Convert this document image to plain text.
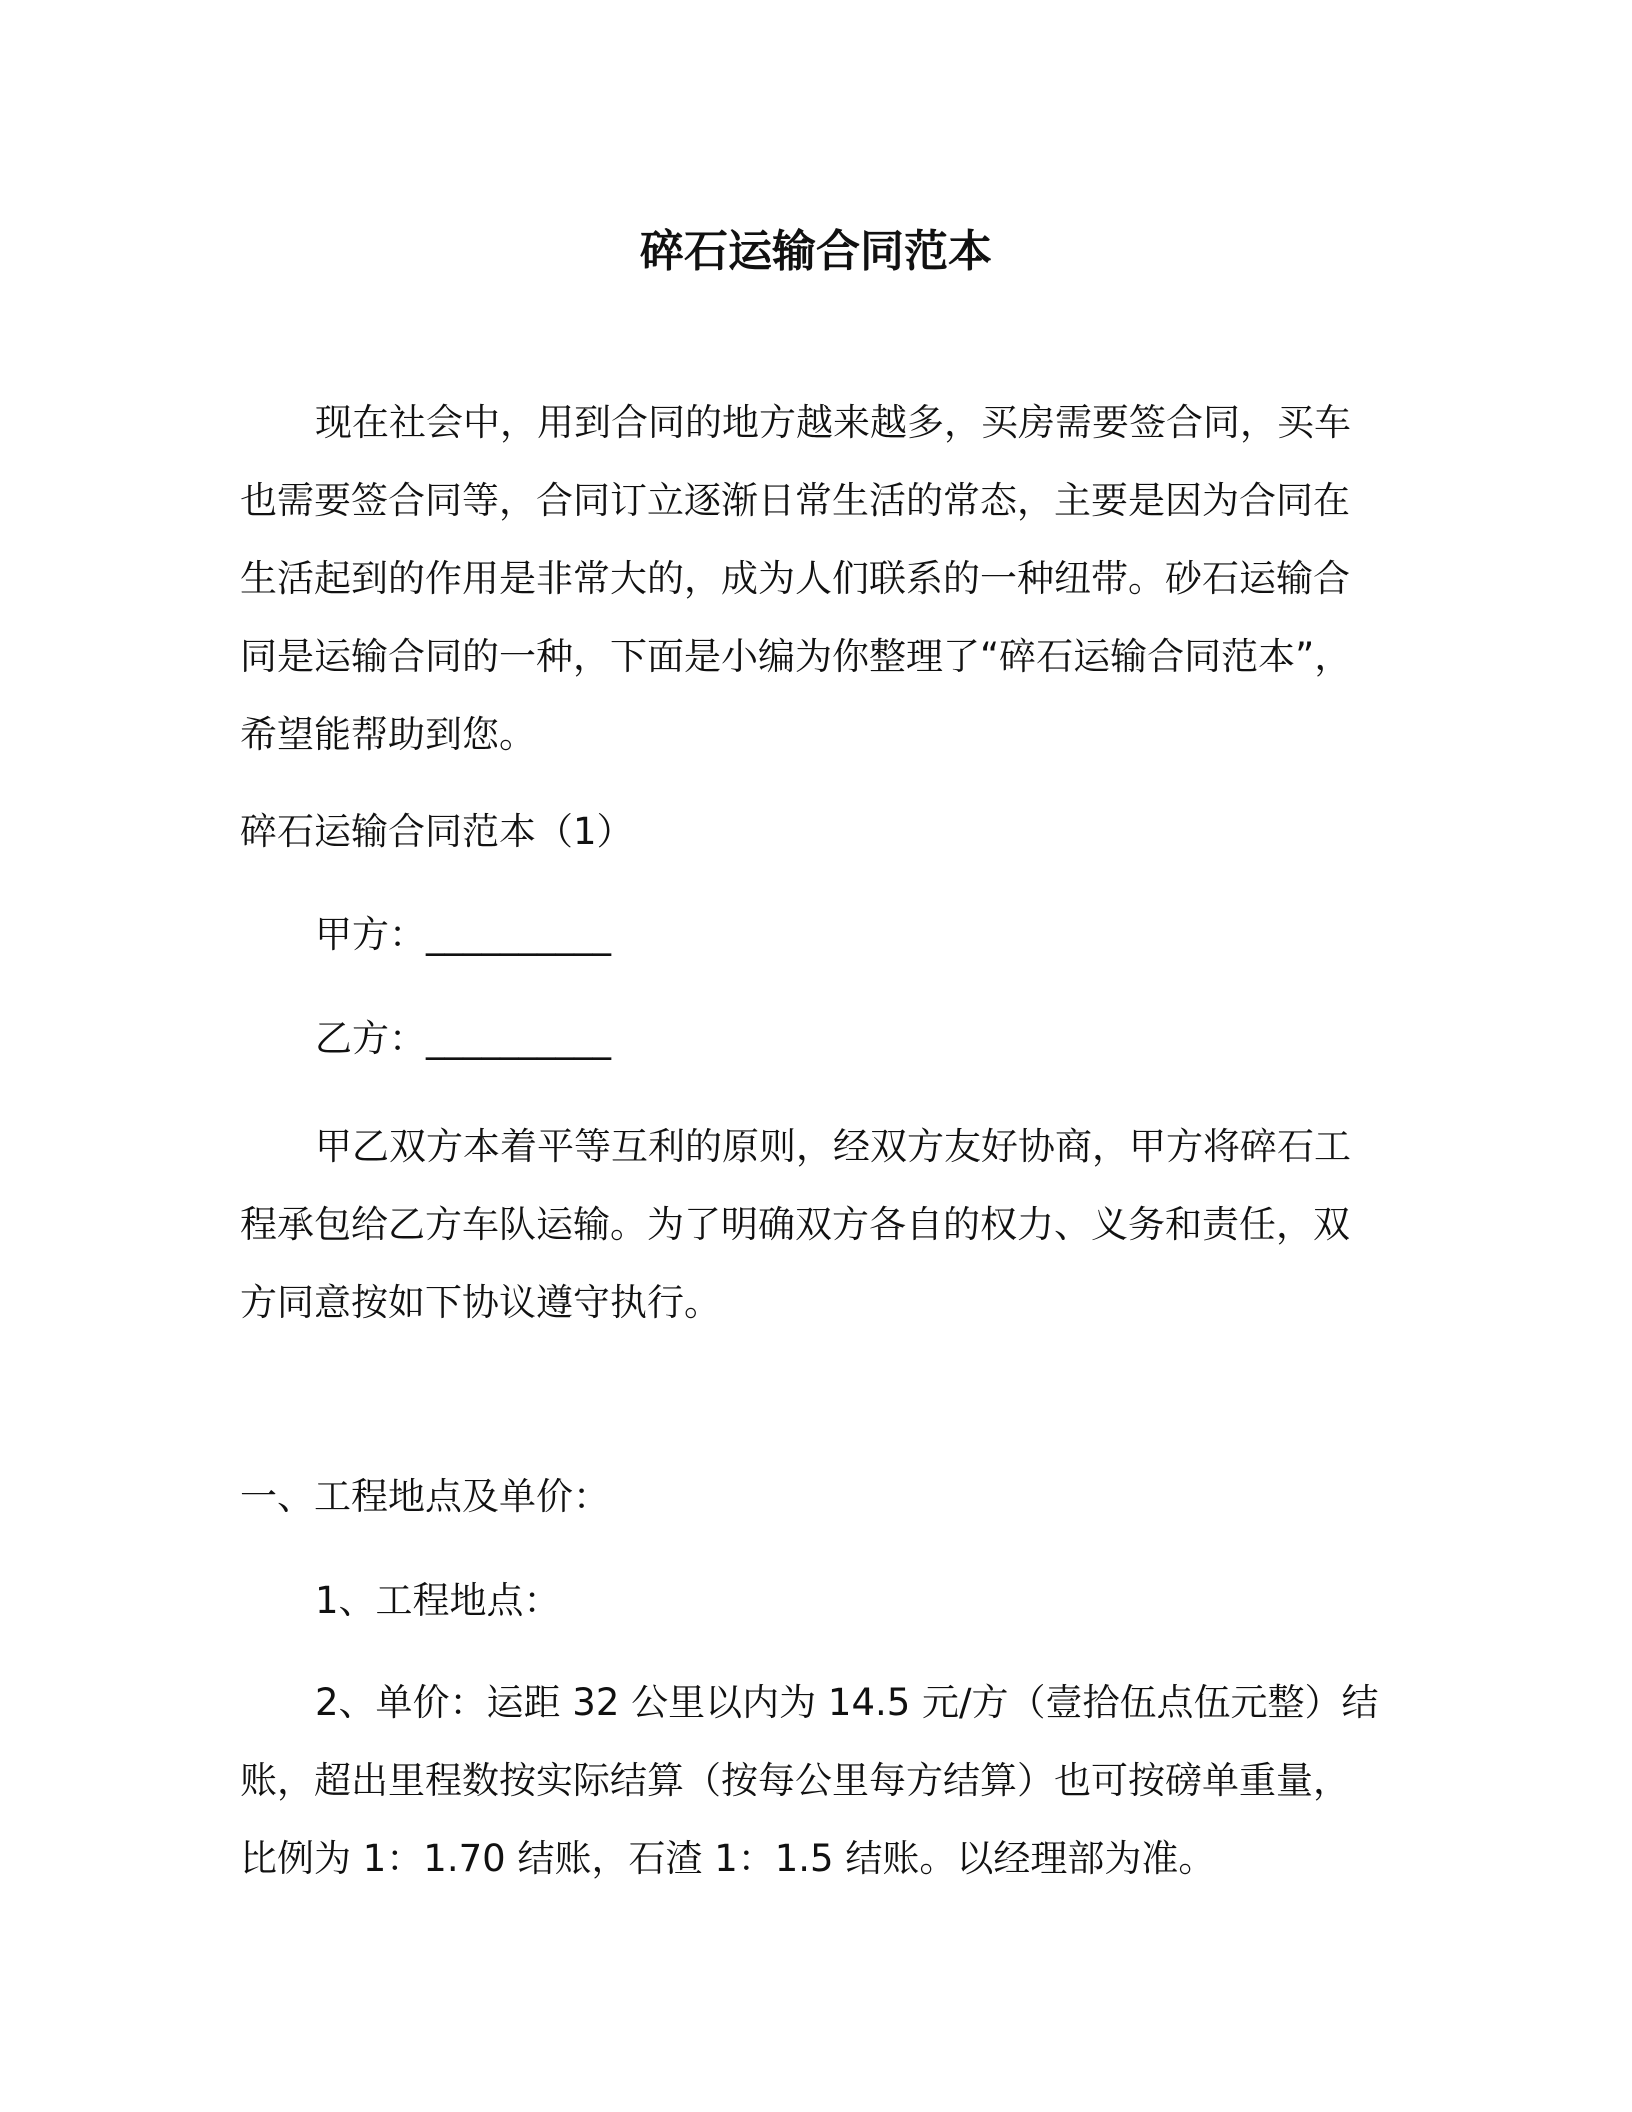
碎石运输合同范本
现在社会中，用到合同的地方越来越多，买房需要签合同，买车
也需要签合同等，合同订立逐渐日常生活的常态，主要是因为合同在
生活起到的作用是非常大的，成为人们联系的一种纽带。砂石运输合
同是运输合同的一种，下面是小编为你整理了“碎石运输合同范本”，
希望能帮助到您。
碎石运输合同范本（1）
甲方：__________
乙方：__________
甲乙双方本着平等互利的原则，经双方友好协商，甲方将碎石工
程承包给乙方车队运输。为了明确双方各自的权力、义务和责任，双
方同意按如下协议遵守执行。
一、工程地点及单价：
1、工程地点：
2、单价：运距 32 公里以内为 14.5 元/方（壹拾伍点伍元整）结
账，超出里程数按实际结算（按每公里每方结算）也可按磅单重量，
比例为 1：1.70 结账，石渣 1：1.5 结账。以经理部为准。
